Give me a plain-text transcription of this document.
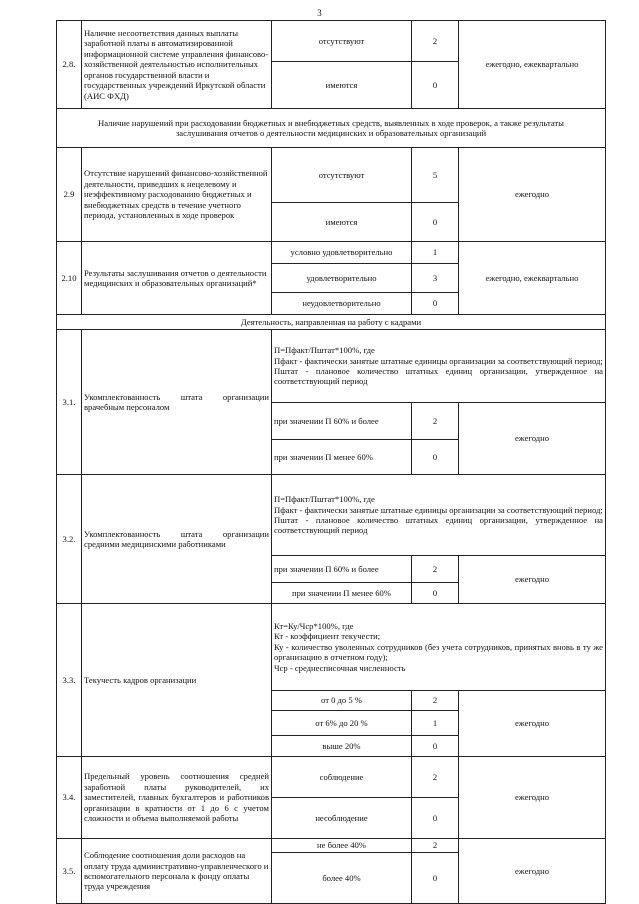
3
2.8.	Наличие несоответствия данных выплаты заработной платы в автоматизированной информационной системе управления финансово-хозяйственной деятельностью исполнительных органов государственной власти и государственных учреждений Иркутской области (АИС ФХД)	отсутствуют	2	ежегодно, ежеквартально
		имеются	0	
Наличие нарушений при расходовании бюджетных и внебюджетных средств, выявленных в ходе проверок, а также результаты заслушивания отчетов о деятельности медицинских и образовательных организаций				
2.9	Отсутствие нарушений финансово-хозяйственной деятельности, приведших к нецелевому и неэффективному расходованию бюджетных и внебюджетных средств в течение учетного периода, установленных в ходе проверок	отсутствуют	5	ежегодно
		имеются	0	
2.10	Результаты заслушивания отчетов о деятельности медицинских и образовательных организаций*	условно удовлетворительно	1	ежегодно, ежеквартально
		удовлетворительно	3	
		неудовлетворительно	0	
Деятельность, направленная на работу с кадрами				
3.1.	Укомплектованность штата организации врачебным персоналом	П=Пфакт/Пштат*100%, где
Пфакт - фактически занятые штатные единицы организации за соответствующий период;
Пштат - плановое количество штатных единиц организации, утвержденное на соответствующий период		

		при значении П 60% и более	2	ежегодно
		при значении П менее 60%	0	
3.2.	Укомплектованность штата организации средними медицинскими работниками	П=Пфакт/Пштат*100%, где
Пфакт - фактически занятые штатные единицы организации за соответствующий период;
Пштат - плановое количество штатных единиц организации, утвержденное на соответствующий период		

		при значении П 60% и более	2	ежегодно
		при значении П менее 60%	0	
3.3.	Текучесть кадров организации	Кт=Ку/Чср*100%, где
Кт - коэффициент текучести;
Ку - количество уволенных сотрудников (без учета сотрудников, принятых вновь в ту же организацию в отчетном году);
Чср - среднесписочная численность		

		от 0 до 5 %	2	ежегодно
		от 6% до 20 %	1	
		выше 20%	0	
3.4.	Предельный уровень соотношения средней заработной платы руководителей, их заместителей, главных бухгалтеров и работников организации в кратности от 1 до 6 с учетом сложности и объема выполняемой работы	соблюдение	2	ежегодно
		несоблюдение	0	
3.5.	Соблюдение соотношения доли расходов на оплату труда административно-управленческого и вспомогательного персонала к фонду оплаты труда учреждения	не более 40%	2	ежегодно
		более 40%	0	
